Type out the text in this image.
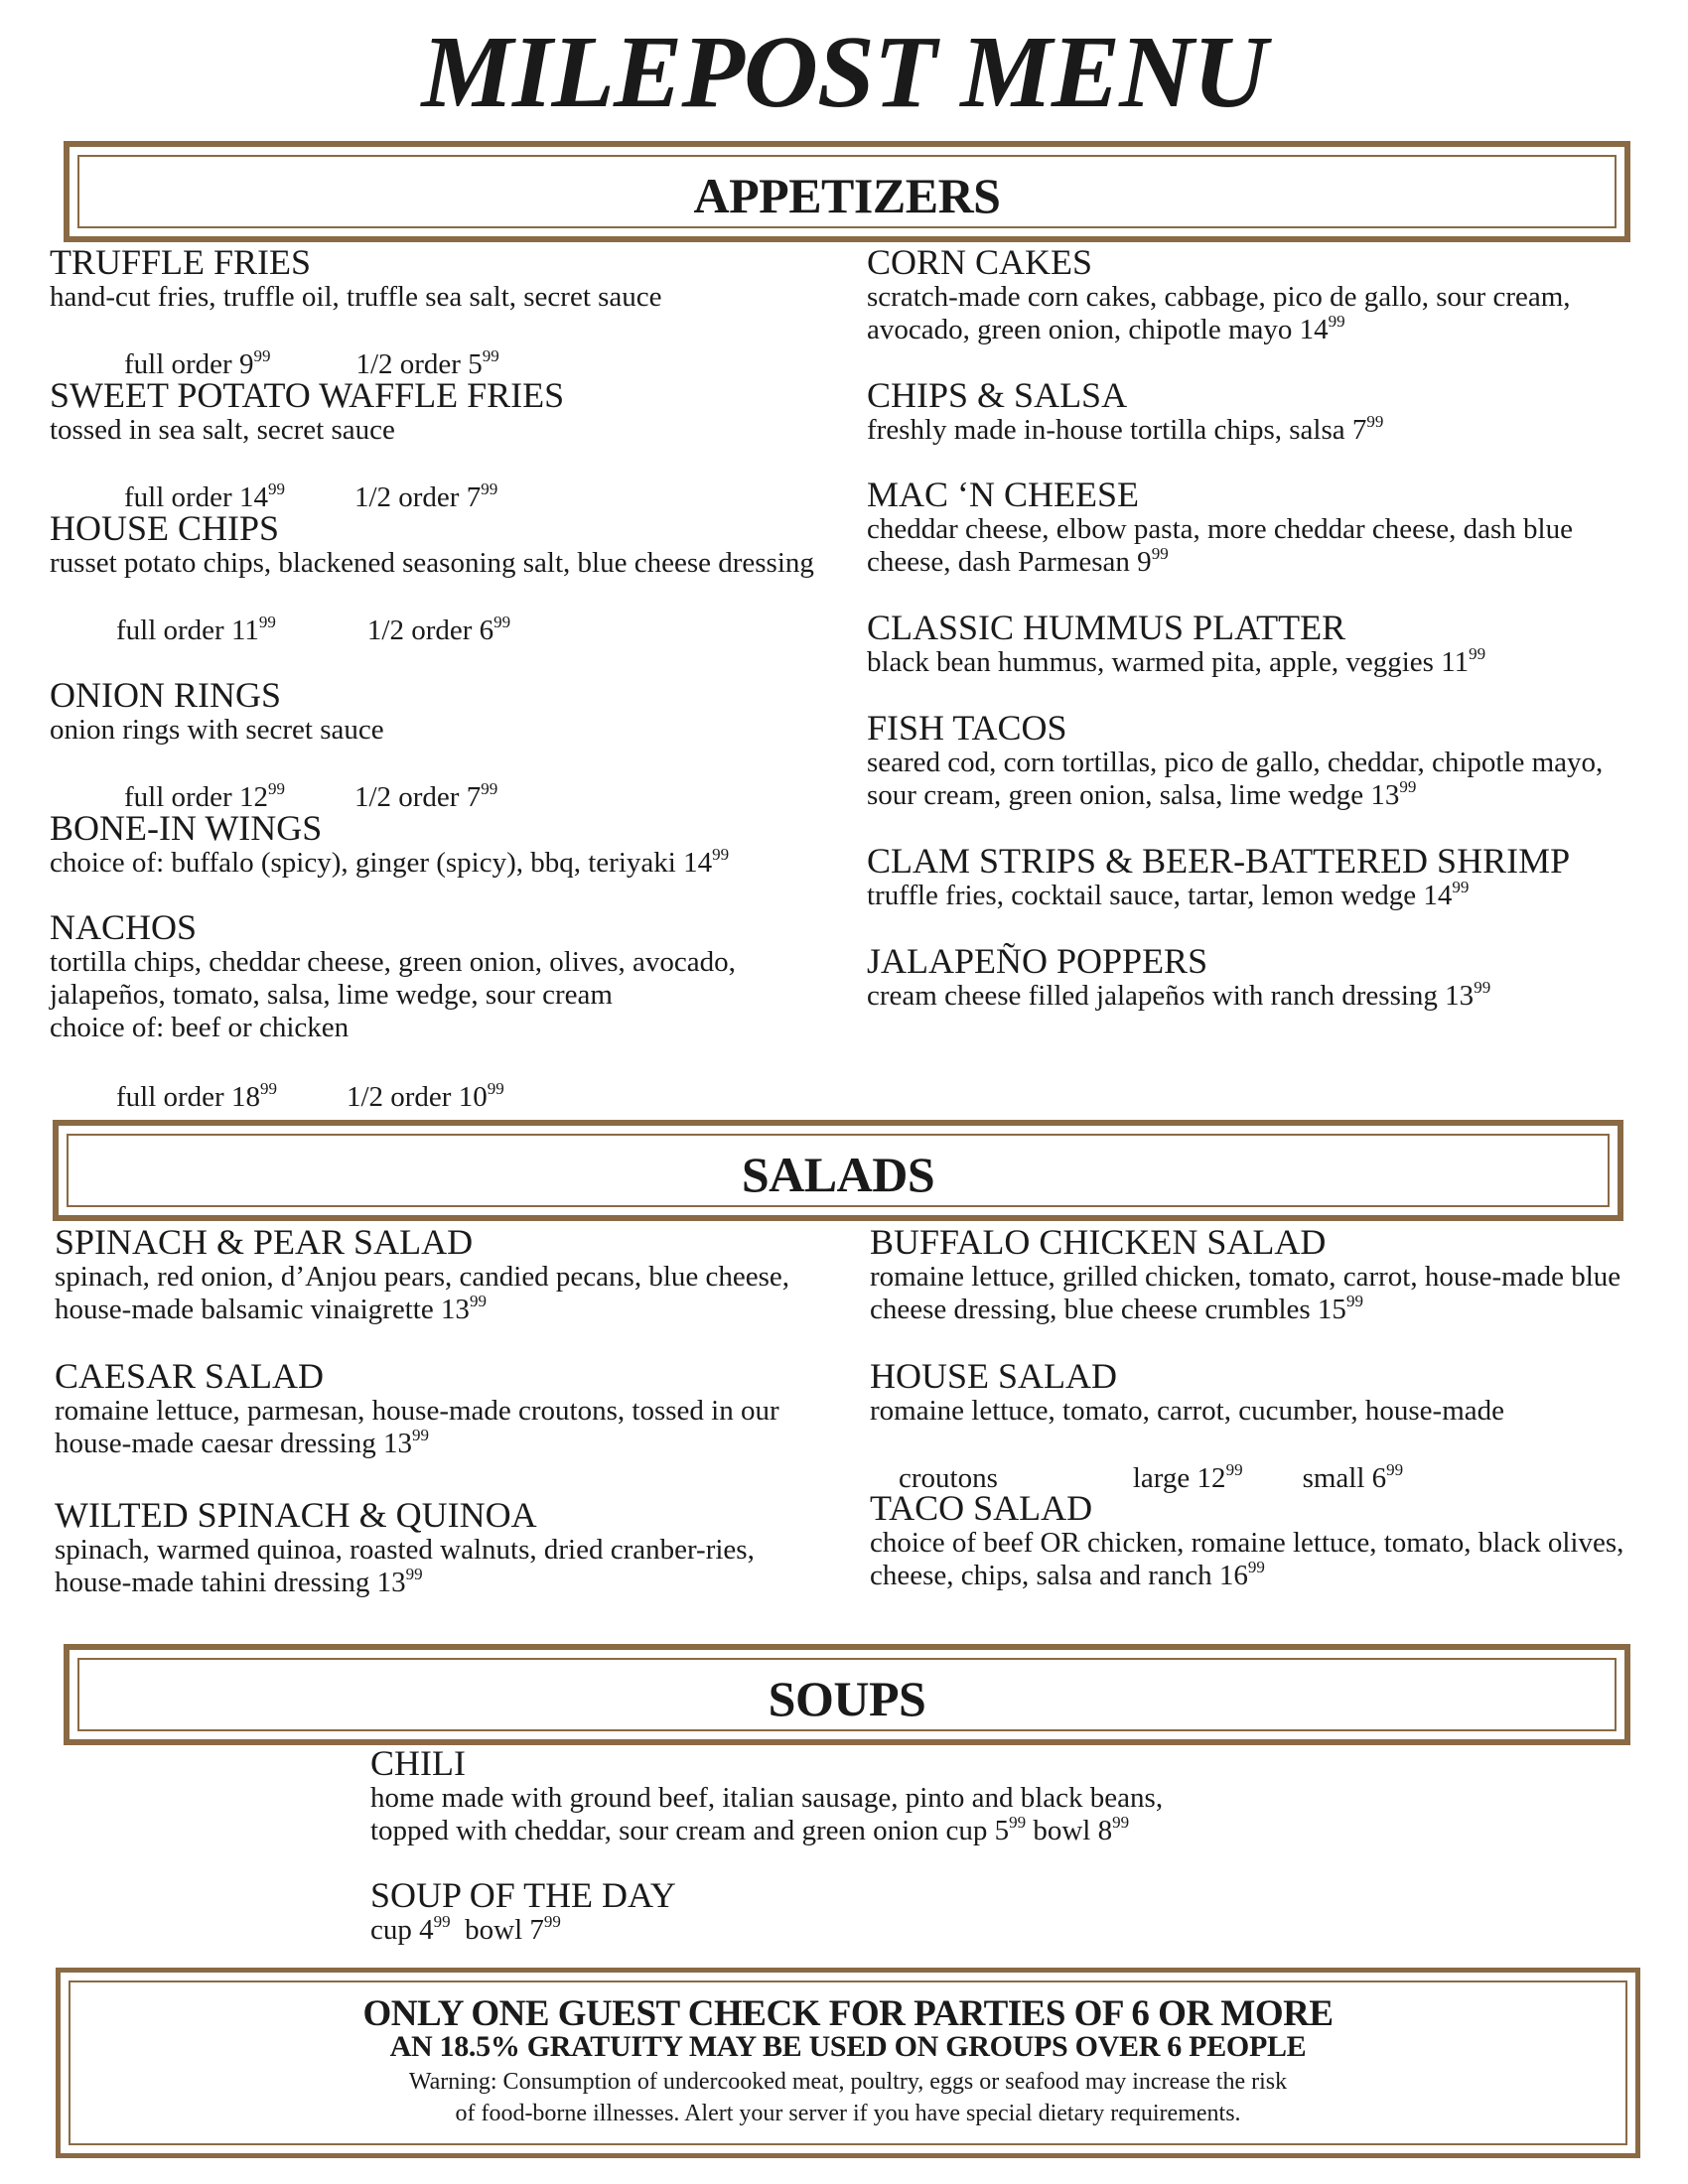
MILEPOST MENU
APPETIZERS
TRUFFLE FRIES
hand-cut fries, truffle oil, truffle sea salt, secret sauce

full order $9^{99}$	1/2 order $5^{99}$

SWEET POTATO WAFFLE FRIES
tossed in sea salt, secret sauce

full order $14^{99}$ 1/2 order $7^{99}$

HOUSE CHIPS
russet potato chips, blackened seasoning salt, blue cheese dressing

full order $11^{99}$	1/2 order $6^{99}$

ONION RINGS
onion rings with secret sauce

full order $12^{99}$ 1/2 order $7^{99}$

BONE-IN WINGS
choice of: buffalo (spicy), ginger (spicy), bbq, teriyaki $14^{99}$
NACHOS
tortilla chips, cheddar cheese, green onion, olives, avocado, jalapeños, tomato, salsa, lime wedge, sour cream
choice of: beef or chicken

full order $18^{99}$ 1/2 order $10^{99}$

CORN CAKES
scratch-made corn cakes, cabbage, pico de gallo, sour cream, avocado, green onion, chipotle mayo $14^{99}$
CHIPS & SALSA
freshly made in-house tortilla chips, salsa $7^{99}$
MAC ‘N CHEESE
cheddar cheese, elbow pasta, more cheddar cheese, dash blue cheese, dash Parmesan $9^{99}$
CLASSIC HUMMUS PLATTER
black bean hummus, warmed pita, apple, veggies $11^{99}$
FISH TACOS
seared cod, corn tortillas, pico de gallo, cheddar, chipotle mayo, sour cream, green onion, salsa, lime wedge $13^{99}$
CLAM STRIPS & BEER-BATTERED SHRIMP
truffle fries, cocktail sauce, tartar, lemon wedge $14^{99}$
JALAPEÑO POPPERS
cream cheese filled jalapeños with ranch dressing $13^{99}$
SALADS
SPINACH & PEAR SALAD
spinach, red onion, d’Anjou pears, candied pecans, blue cheese, house-made balsamic vinaigrette $13^{99}$
CAESAR SALAD
romaine lettuce, parmesan, house-made croutons, tossed in our house-made caesar dressing $13^{99}$
WILTED SPINACH & QUINOA
spinach, warmed quinoa, roasted walnuts, dried cranber-ries, house-made tahini dressing $13^{99}$
BUFFALO CHICKEN SALAD
romaine lettuce, grilled chicken, tomato, carrot, house-made blue cheese dressing, blue cheese crumbles $15^{99}$
HOUSE SALAD
romaine lettuce, tomato, carrot, cucumber, house-made

croutons	large $12^{99}$ small $6^{99}$

TACO SALAD
choice of beef OR chicken, romaine lettuce, tomato, black olives, cheese, chips, salsa and ranch $16^{99}$
SOUPS
CHILI
home made with ground beef, italian sausage, pinto and black beans,
topped with cheddar, sour cream and green onion cup $5^{99}$ bowl $8^{99}$
SOUP OF THE DAY
cup $4^{99}$  bowl $7^{99}$
ONLY ONE GUEST CHECK FOR PARTIES OF 6 OR MORE
AN 18.5% GRATUITY MAY BE USED ON GROUPS OVER 6 PEOPLE
Warning: Consumption of undercooked meat, poultry, eggs or seafood may increase the risk
of food-borne illnesses. Alert your server if you have special dietary requirements.
